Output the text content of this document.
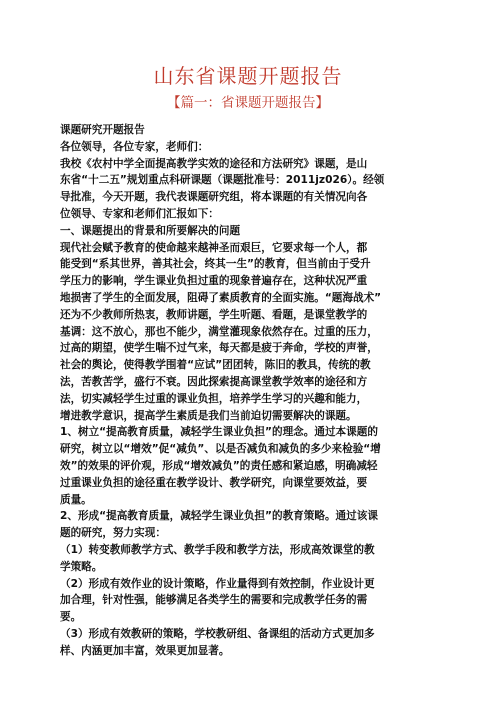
山东省课题开题报告
【篇一：省课题开题报告】
课题研究开题报告
各位领导，各位专家，老师们：
我校《农村中学全面提高教学实效的途径和方法研究》课题，是山
东省“十二五”规划重点科研课题（课题批准号：2011jz026）。经领
导批准，今天开题，我代表课题研究组，将本课题的有关情况向各
位领导、专家和老师们汇报如下：
一、课题提出的背景和所要解决的问题
现代社会赋予教育的使命越来越神圣而艰巨，它要求每一个人，都
能受到“系其世界，善其社会，终其一生”的教育，但当前由于受升
学压力的影响，学生课业负担过重的现象普遍存在，这种状况严重
地损害了学生的全面发展，阻碍了素质教育的全面实施。“题海战术”
还为不少教师所热衷，教师讲题，学生听题、看题，是课堂教学的
基调：这不放心，那也不能少，满堂灌现象依然存在。过重的压力，
过高的期望，使学生喘不过气来，每天都是疲于奔命，学校的声誉，
社会的舆论，使得教学围着“应试”团团转，陈旧的教具，传统的教
法，苦教苦学，盛行不衰。因此探索提高课堂教学效率的途径和方
法，切实减轻学生过重的课业负担，培养学生学习的兴趣和能力，
增进教学意识，提高学生素质是我们当前迫切需要解决的课题。
1、树立“提高教育质量，减轻学生课业负担”的理念。通过本课题的
研究，树立以“增效”促“减负”、以是否减负和减负的多少来检验“增
效”的效果的评价观，形成“增效减负”的责任感和紧迫感，明确减轻
过重课业负担的途径重在教学设计、教学研究，向课堂要效益，要
质量。
2、形成“提高教育质量，减轻学生课业负担”的教育策略。通过该课
题的研究，努力实现：
（1）转变教师教学方式、教学手段和教学方法，形成高效课堂的教
学策略。
（2）形成有效作业的设计策略，作业量得到有效控制，作业设计更
加合理，针对性强，能够满足各类学生的需要和完成教学任务的需
要。
（3）形成有效教研的策略，学校教研组、备课组的活动方式更加多
样、内涵更加丰富，效果更加显著。
